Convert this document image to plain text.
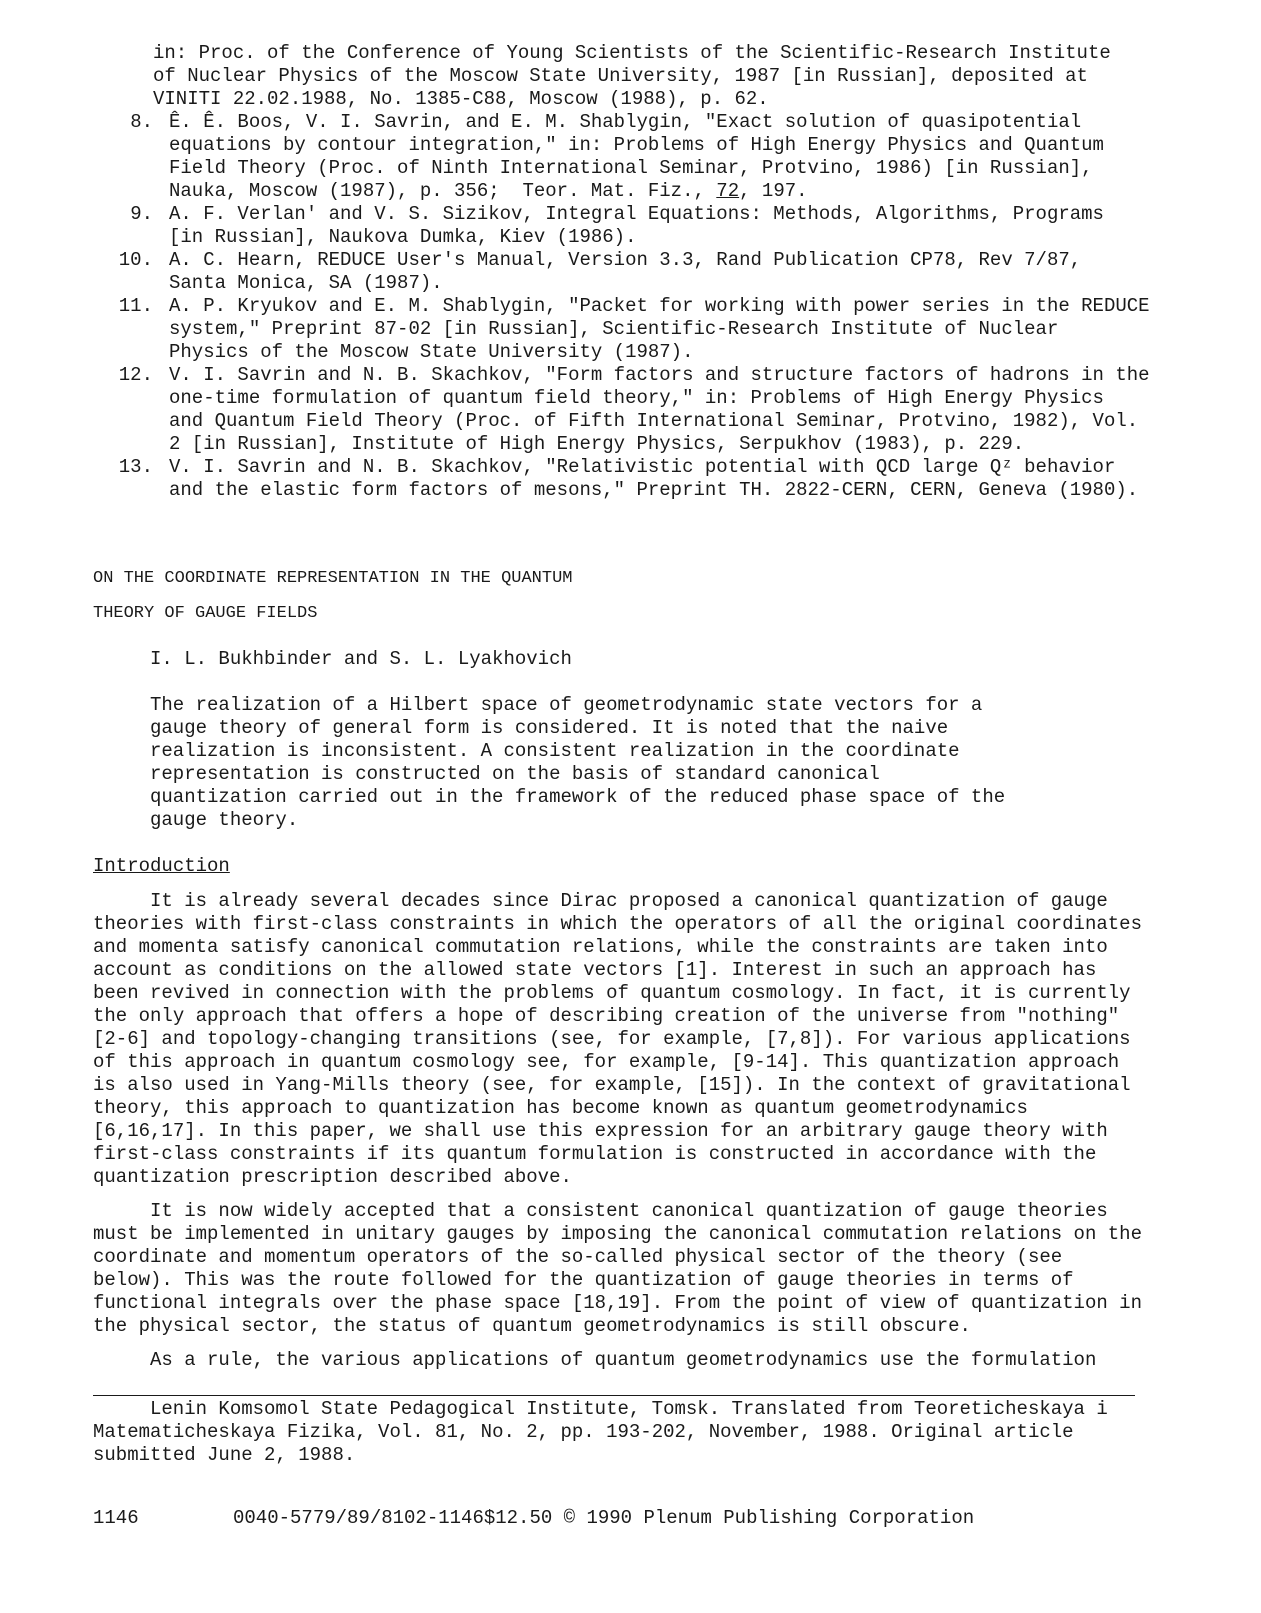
in: Proc. of the Conference of Young Scientists of the Scientific-Research Institute
of Nuclear Physics of the Moscow State University, 1987 [in Russian], deposited at
VINITI 22.02.1988, No. 1385-C88, Moscow (1988), p. 62.
8. Ê. Ê. Boos, V. I. Savrin, and E. M. Shablygin, "Exact solution of quasipotential
equations by contour integration," in: Problems of High Energy Physics and Quantum
Field Theory (Proc. of Ninth International Seminar, Protvino, 1986) [in Russian],
Nauka, Moscow (1987), p. 356;  Teor. Mat. Fiz., 72, 197.
9. A. F. Verlan' and V. S. Sizikov, Integral Equations: Methods, Algorithms, Programs
[in Russian], Naukova Dumka, Kiev (1986).
10. A. C. Hearn, REDUCE User's Manual, Version 3.3, Rand Publication CP78, Rev 7/87,
Santa Monica, SA (1987).
11. A. P. Kryukov and E. M. Shablygin, "Packet for working with power series in the REDUCE
system," Preprint 87-02 [in Russian], Scientific-Research Institute of Nuclear
Physics of the Moscow State University (1987).
12. V. I. Savrin and N. B. Skachkov, "Form factors and structure factors of hadrons in the
one-time formulation of quantum field theory," in: Problems of High Energy Physics
and Quantum Field Theory (Proc. of Fifth International Seminar, Protvino, 1982), Vol.
2 [in Russian], Institute of High Energy Physics, Serpukhov (1983), p. 229.
13. V. I. Savrin and N. B. Skachkov, "Relativistic potential with QCD large Qᶻ behavior
and the elastic form factors of mesons," Preprint TH. 2822-CERN, CERN, Geneva (1980).
ON THE COORDINATE REPRESENTATION IN THE QUANTUM
THEORY OF GAUGE FIELDS
I. L. Bukhbinder and S. L. Lyakhovich

The realization of a Hilbert space of geometrodynamic state vectors for a gauge theory of general form is considered. It is noted that the naive realization is inconsistent. A consistent realization in the coordinate representation is constructed on the basis of standard canonical quantization carried out in the framework of the reduced phase space of the gauge theory.

Introduction

It is already several decades since Dirac proposed a canonical quantization of gauge theories with first-class constraints in which the operators of all the original coordinates and momenta satisfy canonical commutation relations, while the constraints are taken into account as conditions on the allowed state vectors [1]. Interest in such an approach has been revived in connection with the problems of quantum cosmology. In fact, it is currently the only approach that offers a hope of describing creation of the universe from "nothing" [2-6] and topology-changing transitions (see, for example, [7,8]). For various applications of this approach in quantum cosmology see, for example, [9-14]. This quantization approach is also used in Yang-Mills theory (see, for example, [15]). In the context of gravitational theory, this approach to quantization has become known as quantum geometrodynamics [6,16,17]. In this paper, we shall use this expression for an arbitrary gauge theory with first-class constraints if its quantum formulation is constructed in accordance with the quantization prescription described above.

It is now widely accepted that a consistent canonical quantization of gauge theories must be implemented in unitary gauges by imposing the canonical commutation relations on the coordinate and momentum operators of the so-called physical sector of the theory (see below). This was the route followed for the quantization of gauge theories in terms of functional integrals over the phase space [18,19]. From the point of view of quantization in the physical sector, the status of quantum geometrodynamics is still obscure.

As a rule, the various applications of quantum geometrodynamics use the formulation

Lenin Komsomol State Pedagogical Institute, Tomsk. Translated from Teoreticheskaya i Matematicheskaya Fizika, Vol. 81, No. 2, pp. 193-202, November, 1988. Original article submitted June 2, 1988.

1146	0040-5779/89/8102-1146$12.50 © 1990 Plenum Publishing Corporation
